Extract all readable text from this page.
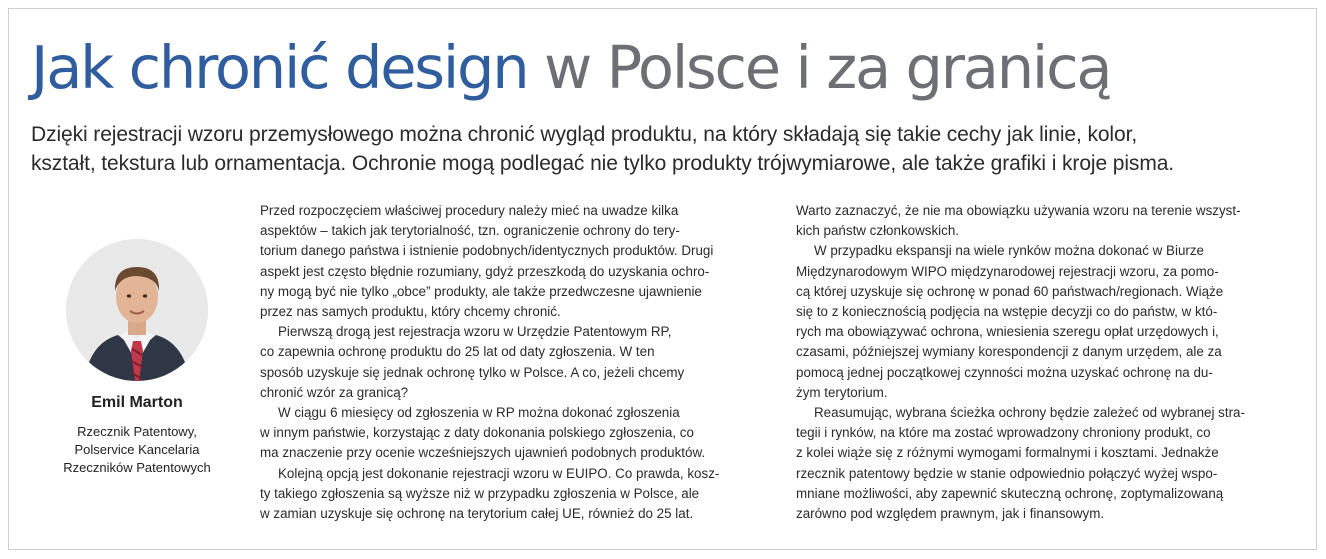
Jak chronić design w Polsce i za granicą

Dzięki rejestracji wzoru przemysłowego można chronić wygląd produktu, na który składają się takie cechy jak linie, kolor,
kształt, tekstura lub ornamentacja. Ochronie mogą podlegać nie tylko produkty trójwymiarowe, ale także grafiki i kroje pisma.

Emil Marton
Rzecznik Patentowy,
Polservice Kancelaria
Rzeczników Patentowych
Przed rozpoczęciem właściwej procedury należy mieć na uwadze kilka
aspektów – takich jak terytorialność, tzn. ograniczenie ochrony do tery-
torium danego państwa i istnienie podobnych/identycznych produktów. Drugi
aspekt jest często błędnie rozumiany, gdyż przeszkodą do uzyskania ochro-
ny mogą być nie tylko „obce” produkty, ale także przedwczesne ujawnienie
przez nas samych produktu, który chcemy chronić.
Pierwszą drogą jest rejestracja wzoru w Urzędzie Patentowym RP,
co zapewnia ochronę produktu do 25 lat od daty zgłoszenia. W ten
sposób uzyskuje się jednak ochronę tylko w Polsce. A co, jeżeli chcemy
chronić wzór za granicą?
W ciągu 6 miesięcy od zgłoszenia w RP można dokonać zgłoszenia
w innym państwie, korzystając z daty dokonania polskiego zgłoszenia, co
ma znaczenie przy ocenie wcześniejszych ujawnień podobnych produktów.
Kolejną opcją jest dokonanie rejestracji wzoru w EUIPO. Co prawda, kosz-
ty takiego zgłoszenia są wyższe niż w przypadku zgłoszenia w Polsce, ale
w zamian uzyskuje się ochronę na terytorium całej UE, również do 25 lat.
Warto zaznaczyć, że nie ma obowiązku używania wzoru na terenie wszyst-
kich państw członkowskich.
W przypadku ekspansji na wiele rynków można dokonać w Biurze
Międzynarodowym WIPO międzynarodowej rejestracji wzoru, za pomo-
cą której uzyskuje się ochronę w ponad 60 państwach/regionach. Wiąże
się to z koniecznością podjęcia na wstępie decyzji co do państw, w któ-
rych ma obowiązywać ochrona, wniesienia szeregu opłat urzędowych i,
czasami, późniejszej wymiany korespondencji z danym urzędem, ale za
pomocą jednej początkowej czynności można uzyskać ochronę na du-
żym terytorium.
Reasumując, wybrana ścieżka ochrony będzie zależeć od wybranej stra-
tegii i rynków, na które ma zostać wprowadzony chroniony produkt, co
z kolei wiąże się z różnymi wymogami formalnymi i kosztami. Jednakże
rzecznik patentowy będzie w stanie odpowiednio połączyć wyżej wspo-
mniane możliwości, aby zapewnić skuteczną ochronę, zoptymalizowaną
zarówno pod względem prawnym, jak i finansowym.
